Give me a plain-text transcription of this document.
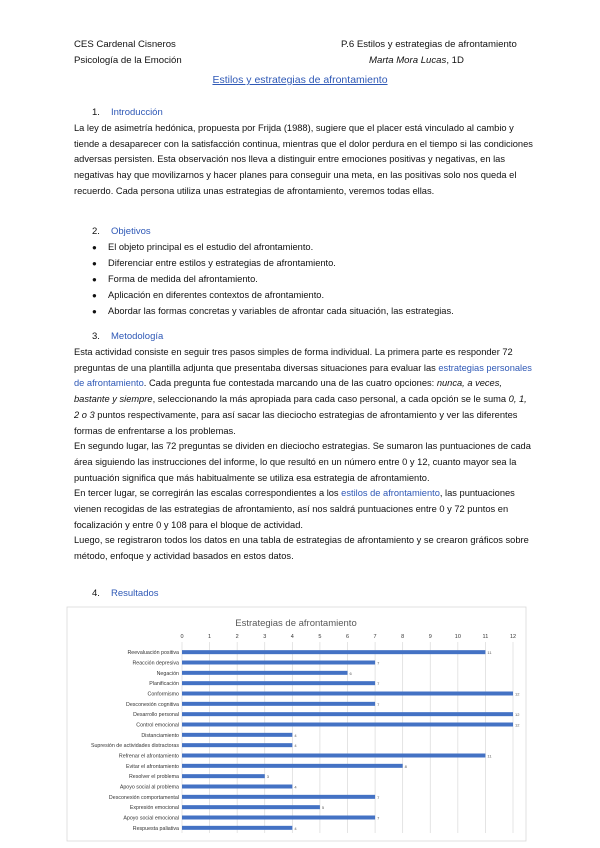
CES Cardenal Cisneros
Psicología de la Emoción
P.6 Estilos y estrategias de afrontamiento
Marta Mora Lucas, 1D
Estilos y estrategias de afrontamiento
1. Introducción

La ley de asimetría hedónica, propuesta por Frijda (1988), sugiere que el placer está vinculado al cambio y tiende a desaparecer con la satisfacción continua, mientras que el dolor perdura en el tiempo si las condiciones adversas persisten. Esta observación nos lleva a distinguir entre emociones positivas y negativas, en las negativas hay que movilizarnos y hacer planes para conseguir una meta, en las positivas solo nos queda el recuerdo. Cada persona utiliza unas estrategias de afrontamiento, veremos todas ellas.

2. Objetivos
● El objeto principal es el estudio del afrontamiento.
● Diferenciar entre estilos y estrategias de afrontamiento.
● Forma de medida del afrontamiento.
● Aplicación en diferentes contextos de afrontamiento.
● Abordar las formas concretas y variables de afrontar cada situación, las estrategias.
3. Metodología

Esta actividad consiste en seguir tres pasos simples de forma individual. La primera parte es responder 72 preguntas de una plantilla adjunta que presentaba diversas situaciones para evaluar las estrategias personales de afrontamiento. Cada pregunta fue contestada marcando una de las cuatro opciones: nunca, a veces, bastante y siempre, seleccionando la más apropiada para cada caso personal, a cada opción se le suma 0, 1, 2 o 3 puntos respectivamente, para así sacar las dieciocho estrategias de afrontamiento y ver las diferentes formas de enfrentarse a los problemas.

En segundo lugar, las 72 preguntas se dividen en dieciocho estrategias. Se sumaron las puntuaciones de cada área siguiendo las instrucciones del informe, lo que resultó en un número entre 0 y 12, cuanto mayor sea la puntuación significa que más habitualmente se utiliza esa estrategia de afrontamiento.

En tercer lugar, se corregirán las escalas correspondientes a los estilos de afrontamiento, las puntuaciones vienen recogidas de las estrategias de afrontamiento, así nos saldrá puntuaciones entre 0 y 72 puntos en focalización y entre 0 y 108 para el bloque de actividad.

Luego, se registraron todos los datos en una tabla de estrategias de afrontamiento y se crearon gráficos sobre método, enfoque y actividad basados en estos datos.

4. Resultados
Estrategias de afrontamiento
0	1	2	3	4	5	6	7	8	9	10	11	12
Reevaluación positiva	11
Reacción depresiva	7
Negación	6
Planificación	7
Conformismo	12
Desconexión cognitiva	7
Desarrollo personal	12
Control emocional	12
Distanciamiento	4
Supresión de actividades distractoras	4
Refrenar el afrontamiento	11
Evitar el afrontamiento	8
Resolver el problema	3
Apoyo social al problema	4
Desconexión comportamental	7
Expresión emocional	5
Apoyo social emocional	7
Respuesta paliativa	4
